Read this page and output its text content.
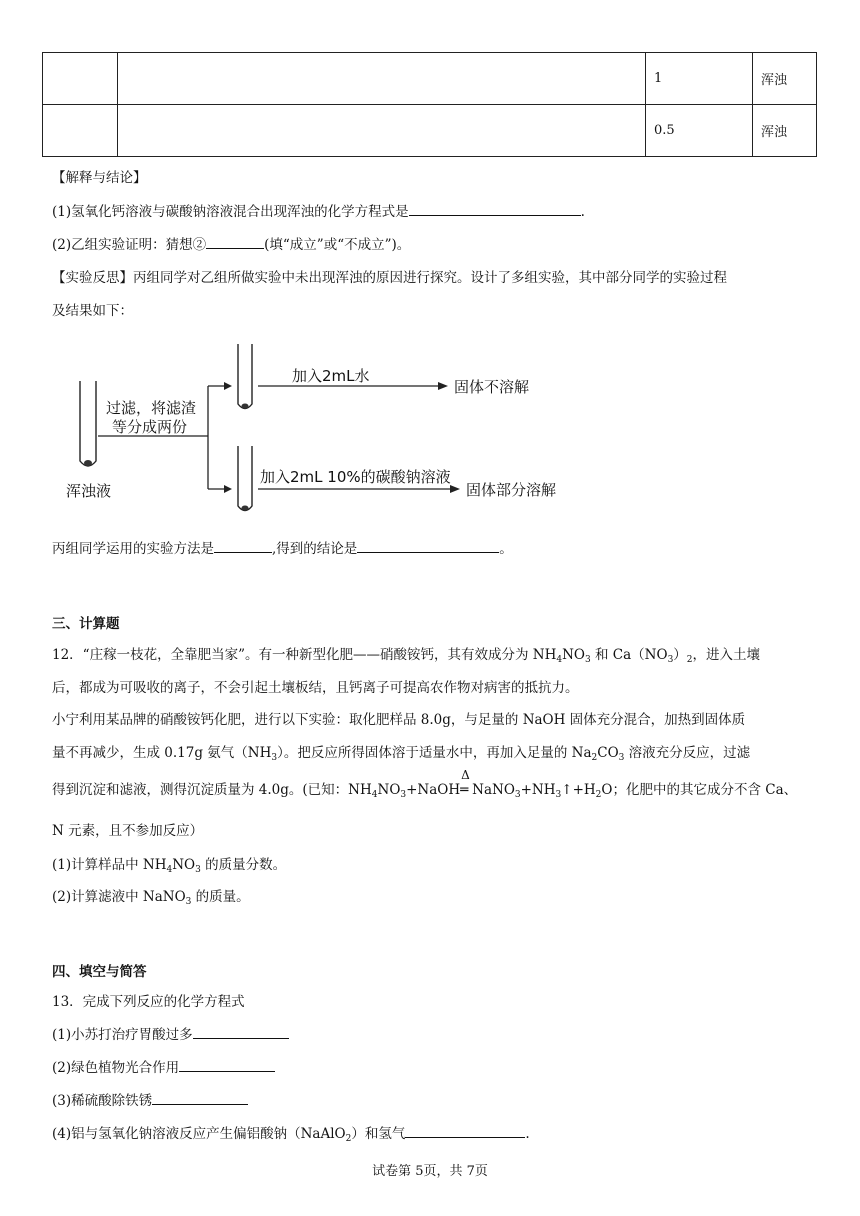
		1	浑浊
		0.5	浑浊
【解释与结论】
(1)氢氧化钙溶液与碳酸钠溶液混合出现浑浊的化学方程式是	.
(2)乙组实验证明：猜想②	(填“成立”或“不成立”)。
【实验反思】丙组同学对乙组所做实验中未出现浑浊的原因进行探究。设计了多组实验，其中部分同学的实验过程
及结果如下：
浑浊液
过滤，将滤渣
等分成两份
加入2mL水
固体不溶解
加入2mL 10%的碳酸钠溶液
固体部分溶解
丙组同学运用的实验方法是	,得到的结论是	。
三、计算题
12．“庄稼一枝花，全靠肥当家”。有一种新型化肥——硝酸铵钙，其有效成分为 $NH_4NO_3$ 和 $Ca(NO_3)_2$，进入土壤
后，都成为可吸收的离子，不会引起土壤板结，且钙离子可提高农作物对病害的抵抗力。
小宁利用某品牌的硝酸铵钙化肥，进行以下实验：取化肥样品 8.0g，与足量的 NaOH 固体充分混合，加热到固体质
量不再减少，生成 0.17g 氨气$(NH_3)$。把反应所得固体溶于适量水中，再加入足量的 $Na_2CO_3$ 溶液充分反应，过滤
得到沉淀和滤液，测得沉淀质量为 4.0g。(已知：$NH_4NO_3+NaOH$
Δ
═ $NaNO_3+NH_3↑+H_2O$；化肥中的其它成分不含 Ca、
N 元素，且不参加反应）
(1)计算样品中 $NH_4NO_3$ 的质量分数。
(2)计算滤液中 NaNO$_3$ 的质量。
四、填空与简答
13．完成下列反应的化学方程式
(1)小苏打治疗胃酸过多
(2)绿色植物光合作用
(3)稀硫酸除铁锈
(4)铝与氢氧化钠溶液反应产生偏铝酸钠（NaAlO$_2$）和氢气	.
试卷第 5页，共 7页
